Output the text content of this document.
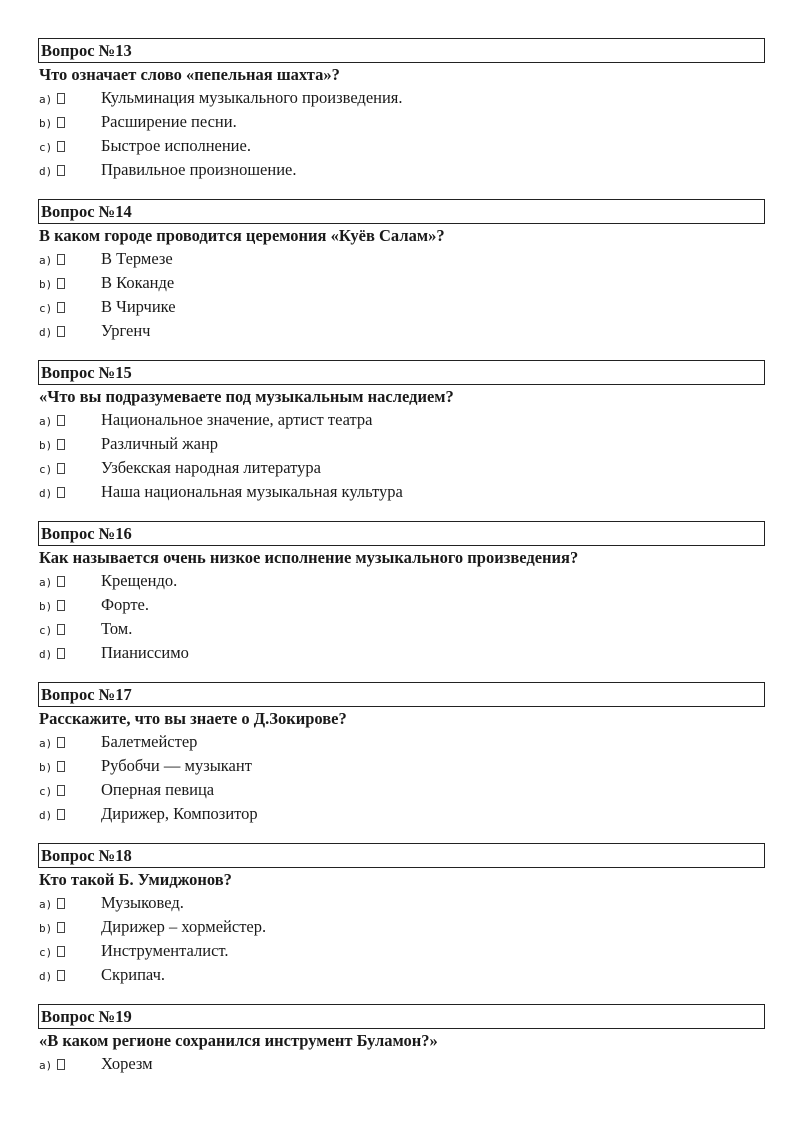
Вопрос №13
Что означает слово «пепельная шахта»?
a)	Кульминация музыкального произведения.
b)	Расширение песни.
c)	Быстрое исполнение.
d)	Правильное произношение.
Вопрос №14
В каком городе проводится церемония «Куёв Салам»?
a)	В Термезе
b)	В Коканде
c)	В Чирчике
d)	Ургенч
Вопрос №15
«Что вы подразумеваете под музыкальным наследием?
a)	Национальное значение, артист театра
b)	Различный жанр
c)	Узбекская народная литература
d)	Наша национальная музыкальная культура
Вопрос №16
Как называется очень низкое исполнение музыкального произведения?
a)	Крещендо.
b)	Форте.
c)	Том.
d)	Пианиссимо
Вопрос №17
Расскажите, что вы знаете о Д.Зокирове?
a)	Балетмейстер
b)	Рубобчи — музыкант
c)	Оперная певица
d)	Дирижер, Композитор
Вопрос №18
Кто такой Б. Умиджонов?
a)	Музыковед.
b)	Дирижер – хормейстер.
c)	Инструменталист.
d)	Скрипач.
Вопрос №19
«В каком регионе сохранился инструмент Буламон?»
a)	Хорезм
